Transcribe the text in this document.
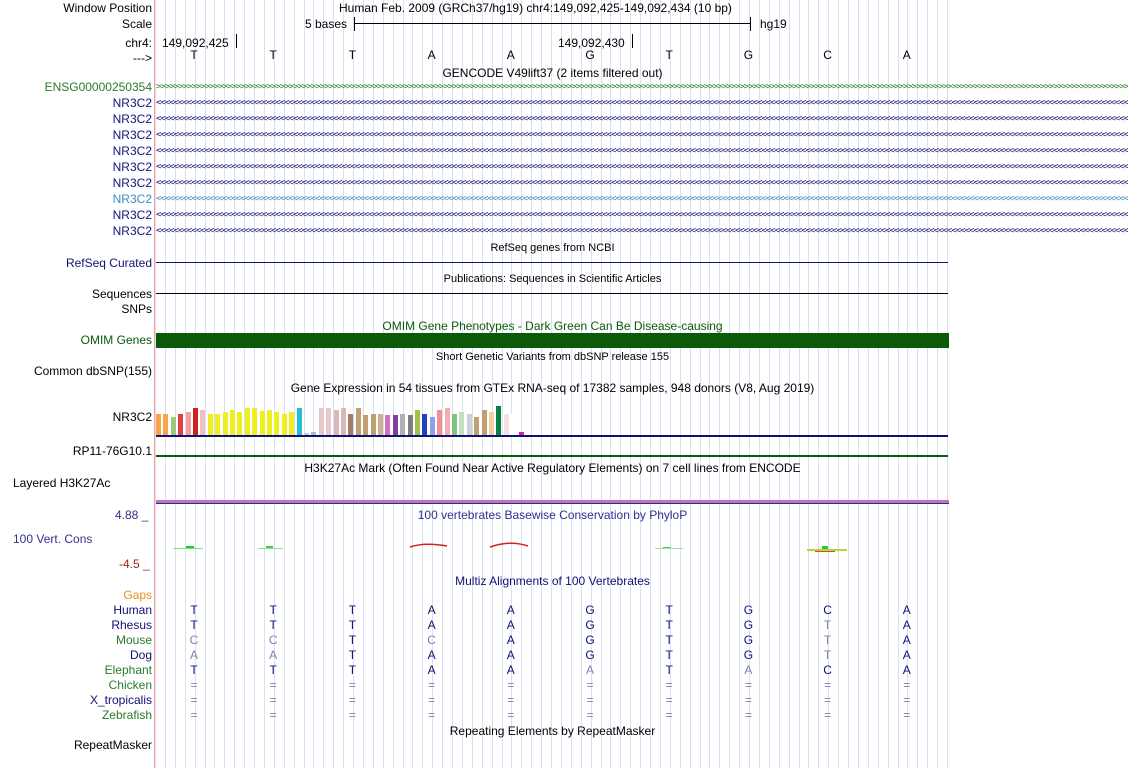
Window Position	Human Feb. 2009 (GRCh37/hg19) chr4:149,092,425-149,092,434 (10 bp)
Scale	5 bases	hg19
chr4: 149,092,425	149,092,430
--->	T	T	T	A	A	G	T	G	C	A
GENCODE V49lift37 (2 items filtered out)
ENSG00000250354 >>>>>>>>>>>>>>>>>>>>>>>>>>>>>>>>>>>>>>>>>>>>>>>>>>>>>>>>>>>>>>>>>>>>>>>>>>>>>>>>>>>>>>>>>>>>>>>>>>>>>>>>>>>>>>>>>>>>>>>>>>>>>>>>>>>>>>>>>>>>>>>>>>>>>>>>>>>>>>>>>>>>>>>>>>>>>>>>>>>>>>>>>>>>>>>>>>>>>>>>>>>>>>>>>>>>>>>>>>>>
NR3C2 <<<<<<<<<<<<<<<<<<<<<<<<<<<<<<<<<<<<<<<<<<<<<<<<<<<<<<<<<<<<<<<<<<<<<<<<<<<<<<<<<<<<<<<<<<<<<<<<<<<<<<<<<<<<<<<<<<<<<<<<<<<<<<<<<<<<<<<<<<<<<<<<<<<<<<<<<<<<<<<<<<<<<<<<<<<<<<<<<<<<<<<<<<<<<<<<<<<<<<<<<<<<<<<<<<<<<<<<<<<<
NR3C2 <<<<<<<<<<<<<<<<<<<<<<<<<<<<<<<<<<<<<<<<<<<<<<<<<<<<<<<<<<<<<<<<<<<<<<<<<<<<<<<<<<<<<<<<<<<<<<<<<<<<<<<<<<<<<<<<<<<<<<<<<<<<<<<<<<<<<<<<<<<<<<<<<<<<<<<<<<<<<<<<<<<<<<<<<<<<<<<<<<<<<<<<<<<<<<<<<<<<<<<<<<<<<<<<<<<<<<<<<<<<
NR3C2 <<<<<<<<<<<<<<<<<<<<<<<<<<<<<<<<<<<<<<<<<<<<<<<<<<<<<<<<<<<<<<<<<<<<<<<<<<<<<<<<<<<<<<<<<<<<<<<<<<<<<<<<<<<<<<<<<<<<<<<<<<<<<<<<<<<<<<<<<<<<<<<<<<<<<<<<<<<<<<<<<<<<<<<<<<<<<<<<<<<<<<<<<<<<<<<<<<<<<<<<<<<<<<<<<<<<<<<<<<<<
NR3C2 <<<<<<<<<<<<<<<<<<<<<<<<<<<<<<<<<<<<<<<<<<<<<<<<<<<<<<<<<<<<<<<<<<<<<<<<<<<<<<<<<<<<<<<<<<<<<<<<<<<<<<<<<<<<<<<<<<<<<<<<<<<<<<<<<<<<<<<<<<<<<<<<<<<<<<<<<<<<<<<<<<<<<<<<<<<<<<<<<<<<<<<<<<<<<<<<<<<<<<<<<<<<<<<<<<<<<<<<<<<<
NR3C2 <<<<<<<<<<<<<<<<<<<<<<<<<<<<<<<<<<<<<<<<<<<<<<<<<<<<<<<<<<<<<<<<<<<<<<<<<<<<<<<<<<<<<<<<<<<<<<<<<<<<<<<<<<<<<<<<<<<<<<<<<<<<<<<<<<<<<<<<<<<<<<<<<<<<<<<<<<<<<<<<<<<<<<<<<<<<<<<<<<<<<<<<<<<<<<<<<<<<<<<<<<<<<<<<<<<<<<<<<<<<
NR3C2 <<<<<<<<<<<<<<<<<<<<<<<<<<<<<<<<<<<<<<<<<<<<<<<<<<<<<<<<<<<<<<<<<<<<<<<<<<<<<<<<<<<<<<<<<<<<<<<<<<<<<<<<<<<<<<<<<<<<<<<<<<<<<<<<<<<<<<<<<<<<<<<<<<<<<<<<<<<<<<<<<<<<<<<<<<<<<<<<<<<<<<<<<<<<<<<<<<<<<<<<<<<<<<<<<<<<<<<<<<<<
NR3C2 <<<<<<<<<<<<<<<<<<<<<<<<<<<<<<<<<<<<<<<<<<<<<<<<<<<<<<<<<<<<<<<<<<<<<<<<<<<<<<<<<<<<<<<<<<<<<<<<<<<<<<<<<<<<<<<<<<<<<<<<<<<<<<<<<<<<<<<<<<<<<<<<<<<<<<<<<<<<<<<<<<<<<<<<<<<<<<<<<<<<<<<<<<<<<<<<<<<<<<<<<<<<<<<<<<<<<<<<<<<<
NR3C2 <<<<<<<<<<<<<<<<<<<<<<<<<<<<<<<<<<<<<<<<<<<<<<<<<<<<<<<<<<<<<<<<<<<<<<<<<<<<<<<<<<<<<<<<<<<<<<<<<<<<<<<<<<<<<<<<<<<<<<<<<<<<<<<<<<<<<<<<<<<<<<<<<<<<<<<<<<<<<<<<<<<<<<<<<<<<<<<<<<<<<<<<<<<<<<<<<<<<<<<<<<<<<<<<<<<<<<<<<<<<
NR3C2 <<<<<<<<<<<<<<<<<<<<<<<<<<<<<<<<<<<<<<<<<<<<<<<<<<<<<<<<<<<<<<<<<<<<<<<<<<<<<<<<<<<<<<<<<<<<<<<<<<<<<<<<<<<<<<<<<<<<<<<<<<<<<<<<<<<<<<<<<<<<<<<<<<<<<<<<<<<<<<<<<<<<<<<<<<<<<<<<<<<<<<<<<<<<<<<<<<<<<<<<<<<<<<<<<<<<<<<<<<<<
RefSeq genes from NCBI
RefSeq Curated
Publications: Sequences in Scientific Articles
Sequences
SNPs
OMIM Gene Phenotypes - Dark Green Can Be Disease-causing
OMIM Genes
Short Genetic Variants from dbSNP release 155
Common dbSNP(155)
Gene Expression in 54 tissues from GTEx RNA-seq of 17382 samples, 948 donors (V8, Aug 2019)
NR3C2
RP11-76G10.1
H3K27Ac Mark (Often Found Near Active Regulatory Elements) on 7 cell lines from ENCODE
Layered H3K27Ac
100 vertebrates Basewise Conservation by PhyloP
4.88 _
100 Vert. Cons
-4.5 _
Multiz Alignments of 100 Vertebrates
Gaps
Human	T	T	T	A	A	G	T	G	C	A
Rhesus	T	T	T	A	A	G	T	G	T	A
Mouse	C	C	T	C	A	G	T	G	T	A
Dog	A	A	T	A	A	G	T	G	T	A
Elephant	T	T	T	A	A	A	T	A	C	A
Chicken	=	=	=	=	=	=	=	=	=	=
X_tropicalis	=	=	=	=	=	=	=	=	=	=
Zebrafish	=	=	=	=	=	=	=	=	=	=
Repeating Elements by RepeatMasker
RepeatMasker
